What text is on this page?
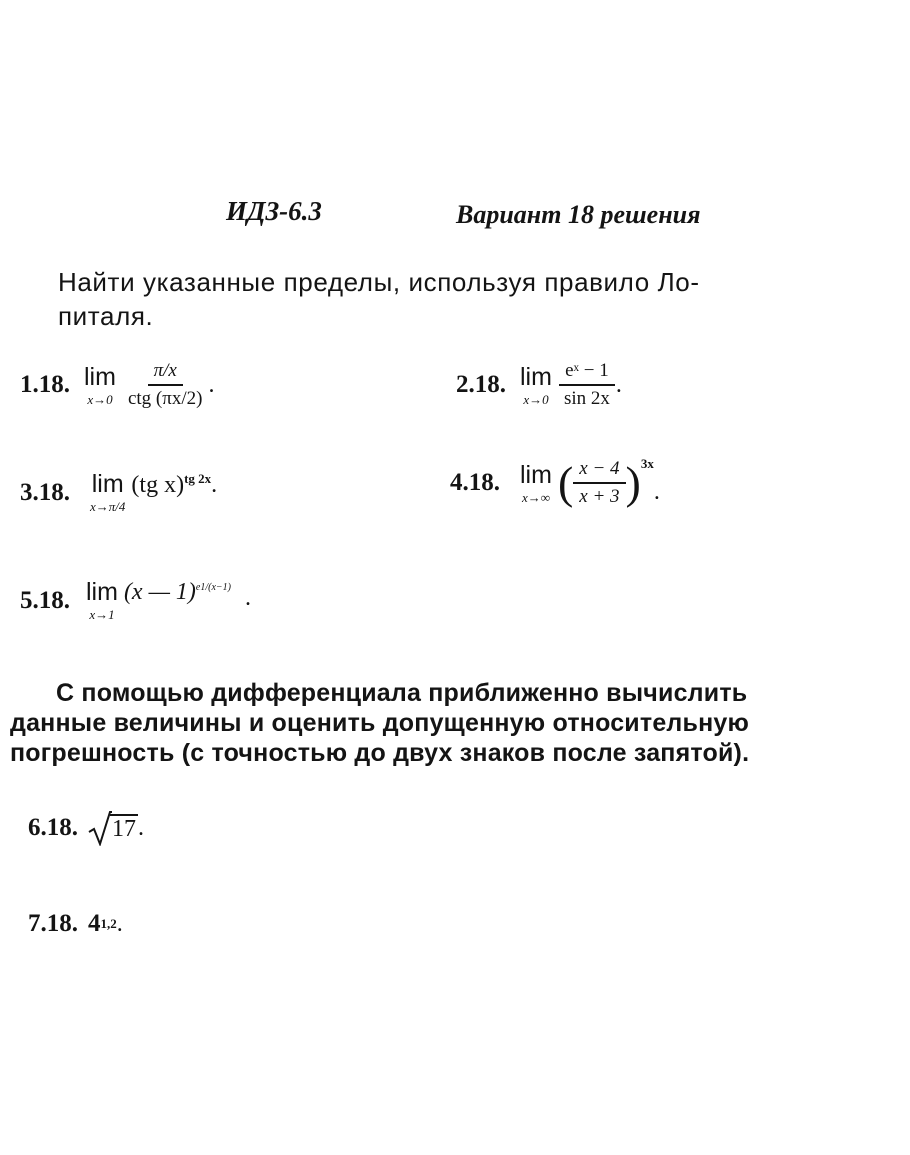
ИДЗ-6.3	Вариант 18 решения
Найти указанные пределы, используя правило Ло-
питаля.
1.18. lim
$x\to 0 \frac{\pi/x}{\text{ctg (πx/2)}}$ .	2.18. lim
$x\to 0 \frac{\text{eˣ − 1}}{\sin 2x}$ .
3.18. lim
x→π/4
(tg x)$^{tg 2x}$.	4.18. lim
x→∞ ( $\frac{x - 4}{x + 3}$ ) 3x
.
5.18. lim
x→1
(x — 1)$^{e1/(x-1)}$ .
С помощью дифференциала приближенно вычислить
данные величины и оценить допущенную относительную
погрешность (с точностью до двух знаков после запятой).
6.18. 17 .
7.18. 4 1,2 .
